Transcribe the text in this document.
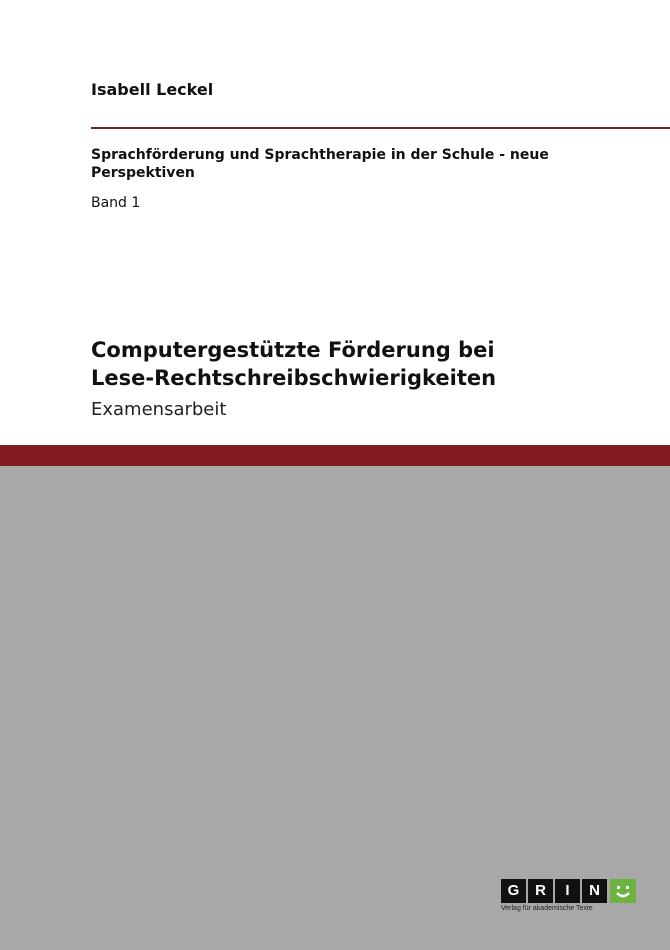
Isabell Leckel
Sprachförderung und Sprachtherapie in der Schule - neue Perspektiven
Band 1
Computergestützte Förderung bei
Lese-Rechtschreibschwierigkeiten
Examensarbeit
G	R	I	N
Verlag für akademische Texte
